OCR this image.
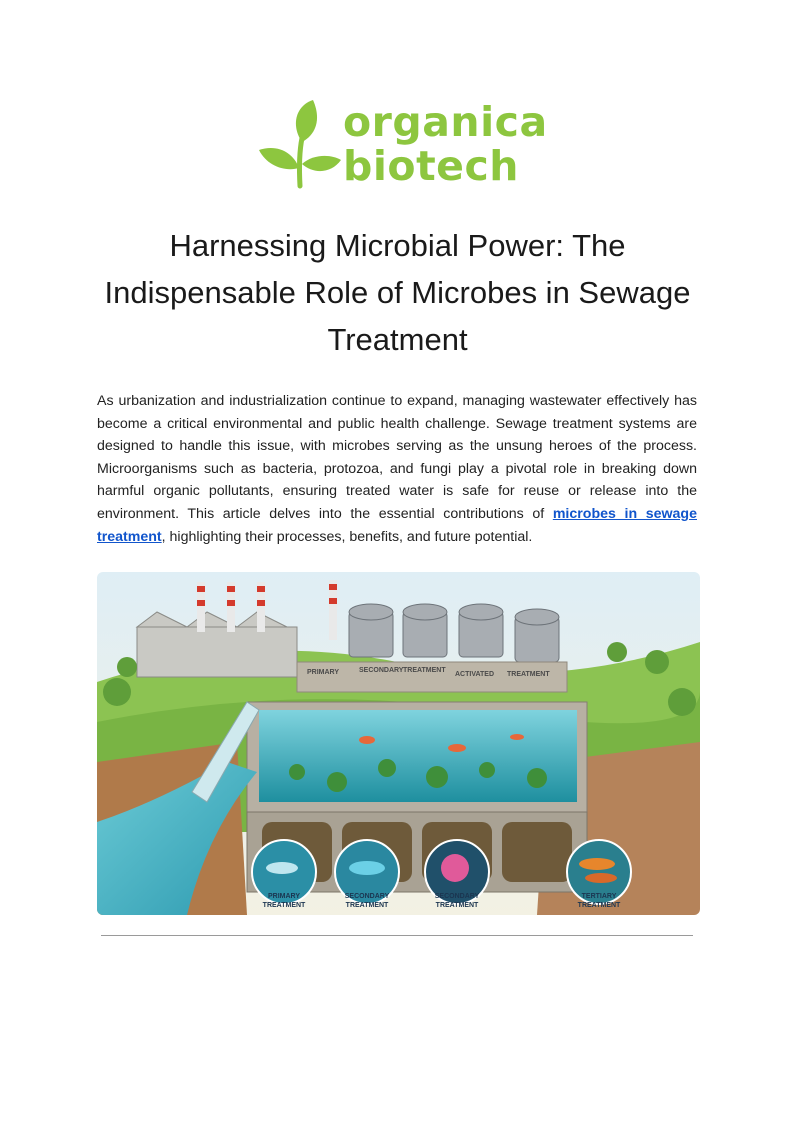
organica
biotech
Harnessing Microbial Power: The Indispensable Role of Microbes in Sewage Treatment

As urbanization and industrialization continue to expand, managing wastewater effectively has become a critical environmental and public health challenge. Sewage treatment systems are designed to handle this issue, with microbes serving as the unsung heroes of the process. Microorganisms such as bacteria, protozoa, and fungi play a pivotal role in breaking down harmful organic pollutants, ensuring treated water is safe for reuse or release into the environment. This article delves into the essential contributions of microbes in sewage treatment, highlighting their processes, benefits, and future potential.

PRIMARY	SECONDARY TREATMENT
ACTIVATED TREATMENT
PRIMARY
TREATMENT
SECONDARY
TREATMENT
SECONDARY
TREATMENT
TERTIARY
TREATMENT
